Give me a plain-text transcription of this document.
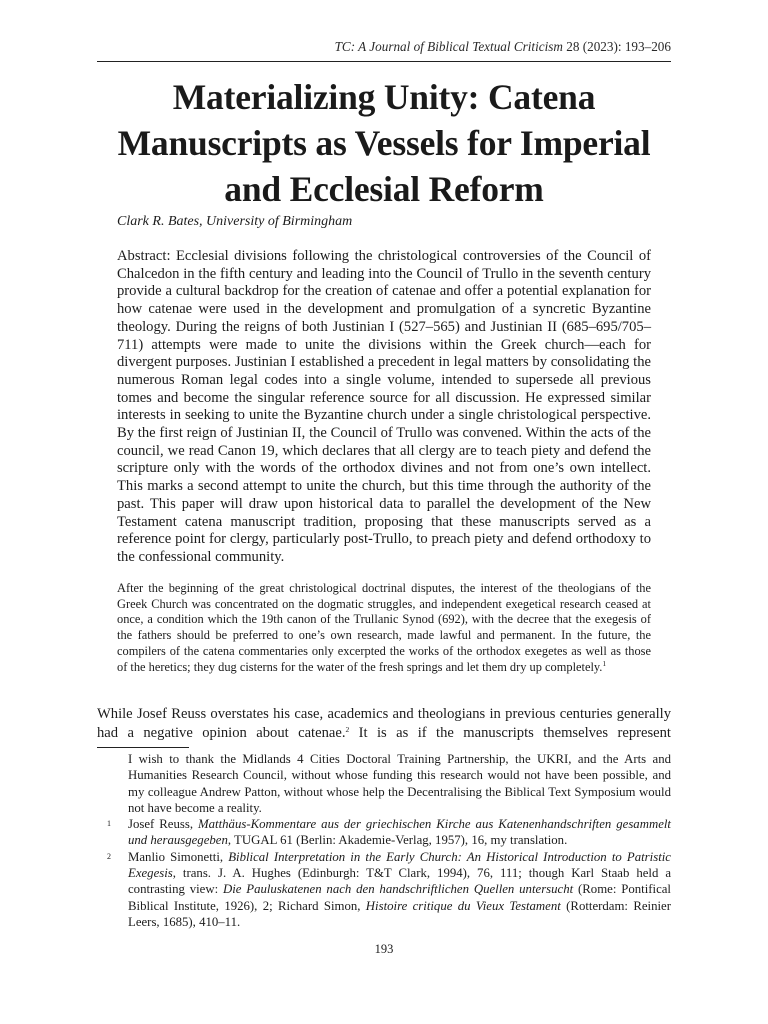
TC: A Journal of Biblical Textual Criticism 28 (2023): 193–206
Materializing Unity: Catena Manuscripts as Vessels for Imperial and Ecclesial Reform
Clark R. Bates, University of Birmingham

Abstract: Ecclesial divisions following the christological controversies of the Council of Chalcedon in the fifth century and leading into the Council of Trullo in the seventh century provide a cultural backdrop for the creation of catenae and offer a potential explanation for how catenae were used in the development and promulgation of a syncretic Byzantine theology. During the reigns of both Justinian I (527–565) and Justinian II (685–695/705–711) attempts were made to unite the divisions within the Greek church—each for divergent purposes. Justinian I established a precedent in legal matters by consolidating the numerous Roman legal codes into a single volume, intended to supersede all previous tomes and become the singular reference source for all discussion. He expressed similar interests in seeking to unite the Byzantine church under a single christological perspective. By the first reign of Justinian II, the Council of Trullo was convened. Within the acts of the council, we read Canon 19, which declares that all clergy are to teach piety and defend the scripture only with the words of the orthodox divines and not from one’s own intellect. This marks a second attempt to unite the church, but this time through the authority of the past. This paper will draw upon historical data to parallel the development of the New Testament catena manuscript tradition, proposing that these manuscripts served as a reference point for clergy, particularly post-Trullo, to preach piety and defend orthodoxy to the confessional community.

After the beginning of the great christological doctrinal disputes, the interest of the theologians of the Greek Church was concentrated on the dogmatic struggles, and independent exegetical research ceased at once, a condition which the 19th canon of the Trullanic Synod (692), with the decree that the exegesis of the fathers should be preferred to one’s own research, made lawful and permanent. In the future, the compilers of the catena commentaries only excerpted the works of the orthodox exegetes as well as those of the heretics; they dug cisterns for the water of the fresh springs and let them dry up completely.$^1$

While Josef Reuss overstates his case, academics and theologians in previous centuries generally had a negative opinion about catenae.$^2$ It is as if the manuscripts themselves represent

I wish to thank the Midlands 4 Cities Doctoral Training Partnership, the UKRI, and the Arts and Humanities Research Council, without whose funding this research would not have been possible, and my colleague Andrew Patton, without whose help the Decentralising the Biblical Text Symposium would not have become a reality.

1 Josef Reuss, Matthäus-Kommentare aus der griechischen Kirche aus Katenenhandschriften gesammelt und herausgegeben, TUGAL 61 (Berlin: Akademie-Verlag, 1957), 16, my translation.

2 Manlio Simonetti, Biblical Interpretation in the Early Church: An Historical Introduction to Patristic Exegesis, trans. J. A. Hughes (Edinburgh: T&T Clark, 1994), 76, 111; though Karl Staab held a contrasting view: Die Pauluskatenen nach den handschriftlichen Quellen untersucht (Rome: Pontifical Biblical Institute, 1926), 2; Richard Simon, Histoire critique du Vieux Testament (Rotterdam: Reinier Leers, 1685), 410–11.

193
